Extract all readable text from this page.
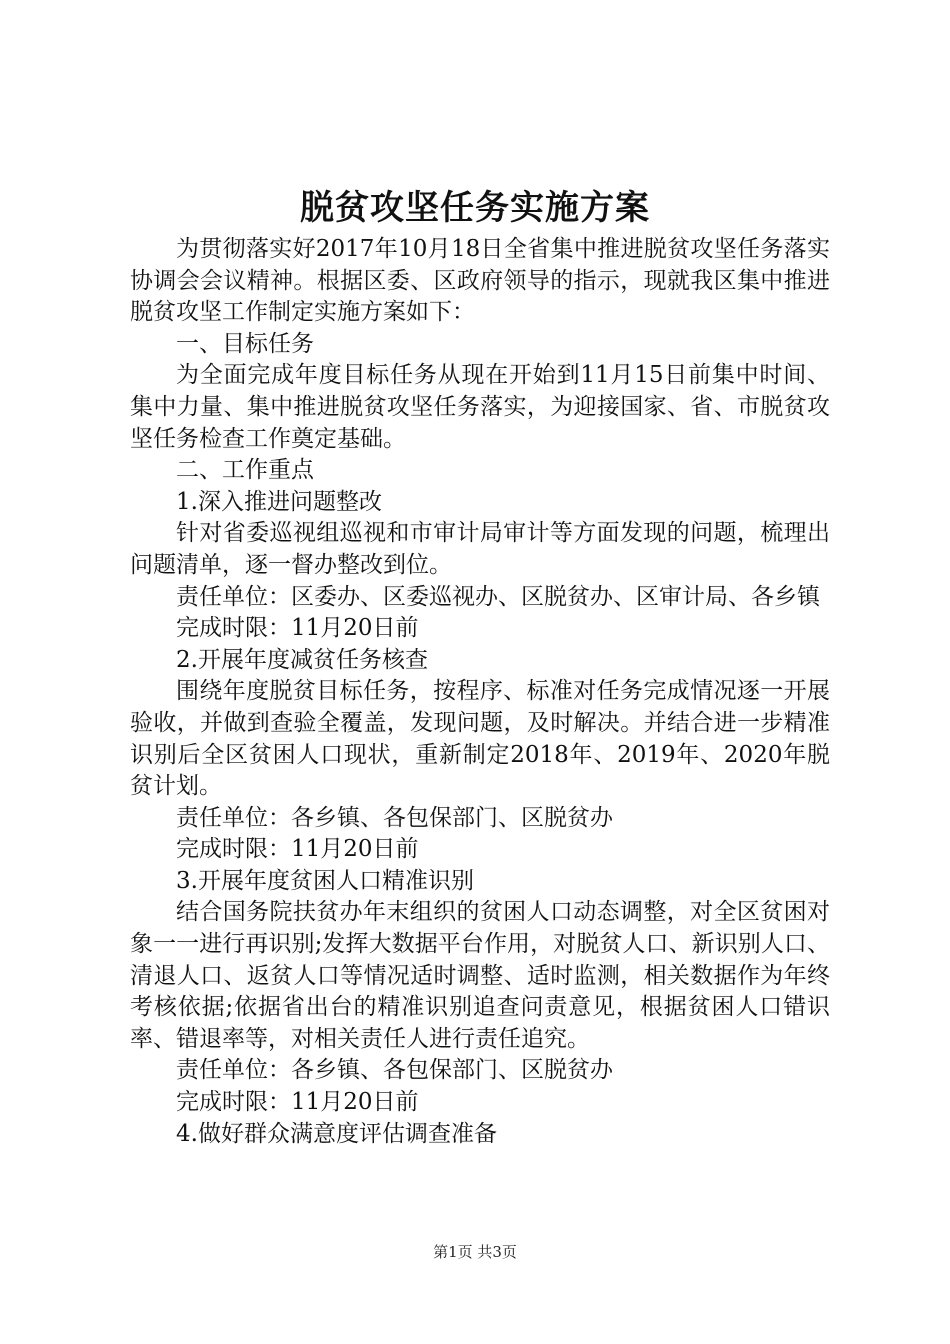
脱贫攻坚任务实施方案

为贯彻落实好2017年10月18日全省集中推进脱贫攻坚任务落实协调会会议精神。根据区委、区政府领导的指示，现就我区集中推进脱贫攻坚工作制定实施方案如下：

一、目标任务

为全面完成年度目标任务从现在开始到11月15日前集中时间、集中力量、集中推进脱贫攻坚任务落实，为迎接国家、省、市脱贫攻坚任务检查工作奠定基础。

二、工作重点

1.深入推进问题整改

针对省委巡视组巡视和市审计局审计等方面发现的问题，梳理出问题清单，逐一督办整改到位。

责任单位：区委办、区委巡视办、区脱贫办、区审计局、各乡镇

完成时限：11月20日前

2.开展年度减贫任务核查

围绕年度脱贫目标任务，按程序、标准对任务完成情况逐一开展验收，并做到查验全覆盖，发现问题，及时解决。并结合进一步精准识别后全区贫困人口现状，重新制定2018年、2019年、2020年脱贫计划。

责任单位：各乡镇、各包保部门、区脱贫办

完成时限：11月20日前

3.开展年度贫困人口精准识别

结合国务院扶贫办年末组织的贫困人口动态调整，对全区贫困对象一一进行再识别;发挥大数据平台作用，对脱贫人口、新识别人口、清退人口、返贫人口等情况适时调整、适时监测，相关数据作为年终考核依据;依据省出台的精准识别追查问责意见，根据贫困人口错识率、错退率等，对相关责任人进行责任追究。

责任单位：各乡镇、各包保部门、区脱贫办

完成时限：11月20日前

4.做好群众满意度评估调查准备

第1页 共3页
